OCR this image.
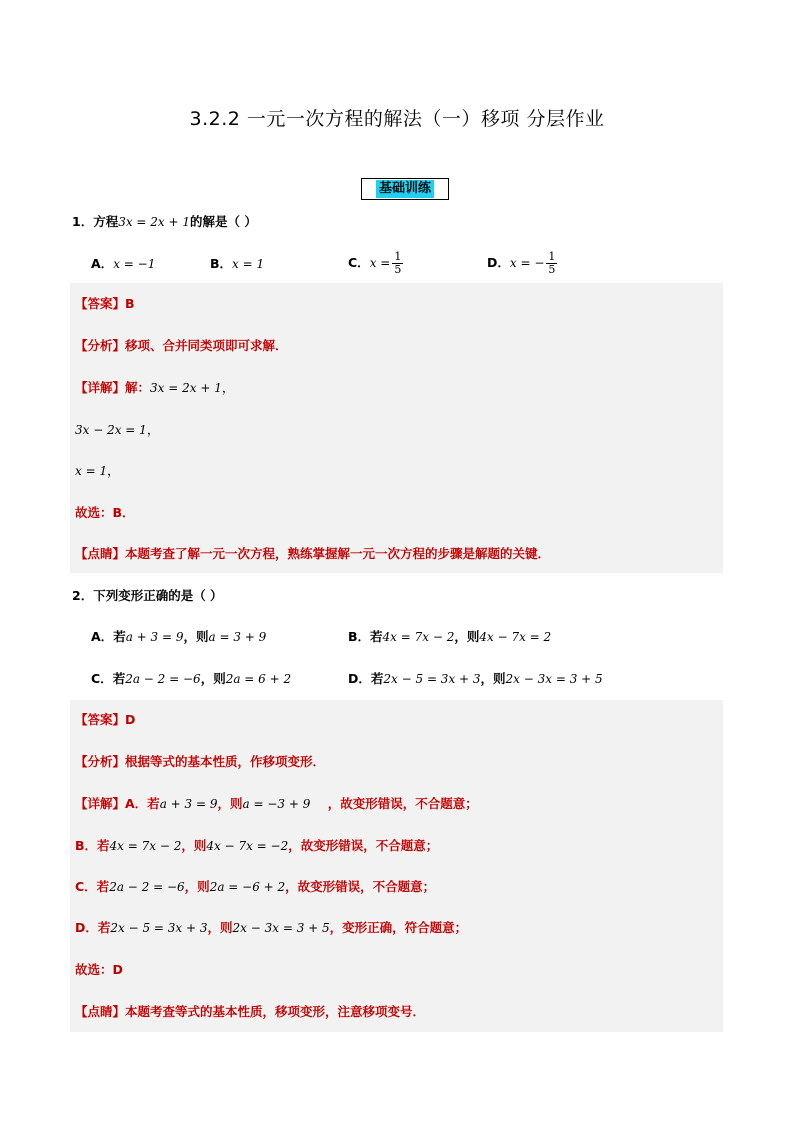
3.2.2 一元一次方程的解法（一）移项 分层作业
基础训练
1．方程3x = 2x + 1的解是（ ）
A．x = −1	B．x = 1	C．$x = \frac{1}{5}$	D．x = − $\frac{1}{5}$
【答案】B
【分析】移项、合并同类项即可求解．
【详解】解：3x = 2x + 1，
3x − 2x = 1，
x = 1，
故选：B．
【点睛】本题考查了解一元一次方程，熟练掌握解一元一次方程的步骤是解题的关键．
2．下列变形正确的是（ ）
A．若a + 3 = 9，则a = 3 + 9	B．若4x = 7x − 2，则4x − 7x = 2
C．若2a − 2 = −6，则2a = 6 + 2	D．若2x − 5 = 3x + 3，则2x − 3x = 3 + 5
【答案】D
【分析】根据等式的基本性质，作移项变形．
【详解】A．若a + 3 = 9，则a = −3 + 9    ，故变形错误，不合题意；
B．若4x = 7x − 2，则4x − 7x = −2，故变形错误，不合题意；
C．若2a − 2 = −6，则2a = −6 + 2，故变形错误，不合题意；
D．若2x − 5 = 3x + 3，则2x − 3x = 3 + 5，变形正确，符合题意；
故选：D
【点睛】本题考查等式的基本性质，移项变形，注意移项变号．
